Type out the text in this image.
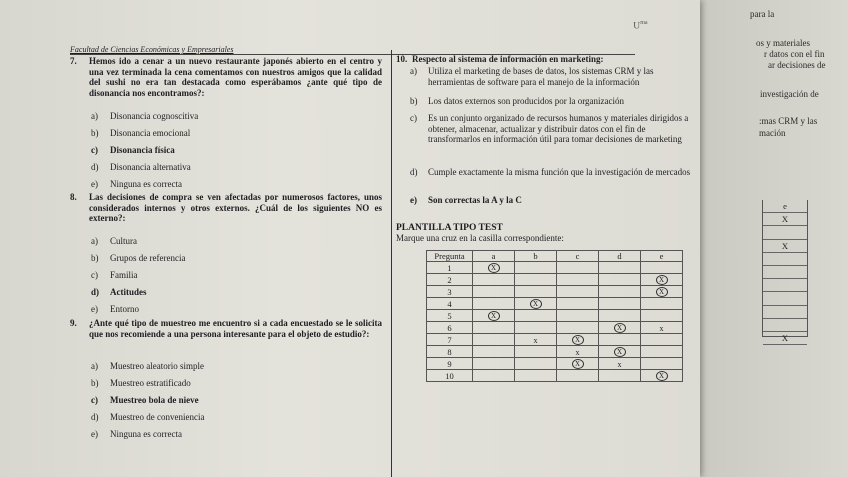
para la
os y materiales
r datos con el fin
ar decisiones de
investigación de
:mas CRM y las
mación
e
X
X
X
ᵁ$^{ma}$
Facultad de Ciencias Económicas y Empresariales
7. Hemos ido a cenar a un nuevo restaurante japonés abierto en el centro y una vez terminada la cena comentamos con nuestros amigos que la calidad del sushi no era tan destacada como esperábamos ¿ante qué tipo de disonancia nos encontramos?:
a) Disonancia cognoscitiva
b) Disonancia emocional
c) Disonancia física
d) Disonancia alternativa
e) Ninguna es correcta
8. Las decisiones de compra se ven afectadas por numerosos factores, unos considerados internos y otros externos. ¿Cuál de los siguientes NO es externo?:
a) Cultura
b) Grupos de referencia
c) Familia
d) Actitudes
e) Entorno
9. ¿Ante qué tipo de muestreo me encuentro si a cada encuestado se le solicita que nos recomiende a una persona interesante para el objeto de estudio?:
a) Muestreo aleatorio simple
b) Muestreo estratificado
c) Muestreo bola de nieve
d) Muestreo de conveniencia
e) Ninguna es correcta
10. Respecto al sistema de información en marketing:
a) Utiliza el marketing de bases de datos, los sistemas CRM y las herramientas de software para el manejo de la información
b) Los datos externos son producidos por la organización
c) Es un conjunto organizado de recursos humanos y materiales dirigidos a obtener, almacenar, actualizar y distribuir datos con el fin de transformarlos en información útil para tomar decisiones de marketing
d) Cumple exactamente la misma función que la investigación de mercados
e) Son correctas la A y la C
PLANTILLA TIPO TEST
Marque una cruz en la casilla correspondiente:
Pregunta	a	b	c	d	e
1	X				
2					X
3					X
4		X			
5	X				
6				X	x
7		x	X		
8			x	X	
9			X	x	
10					X
